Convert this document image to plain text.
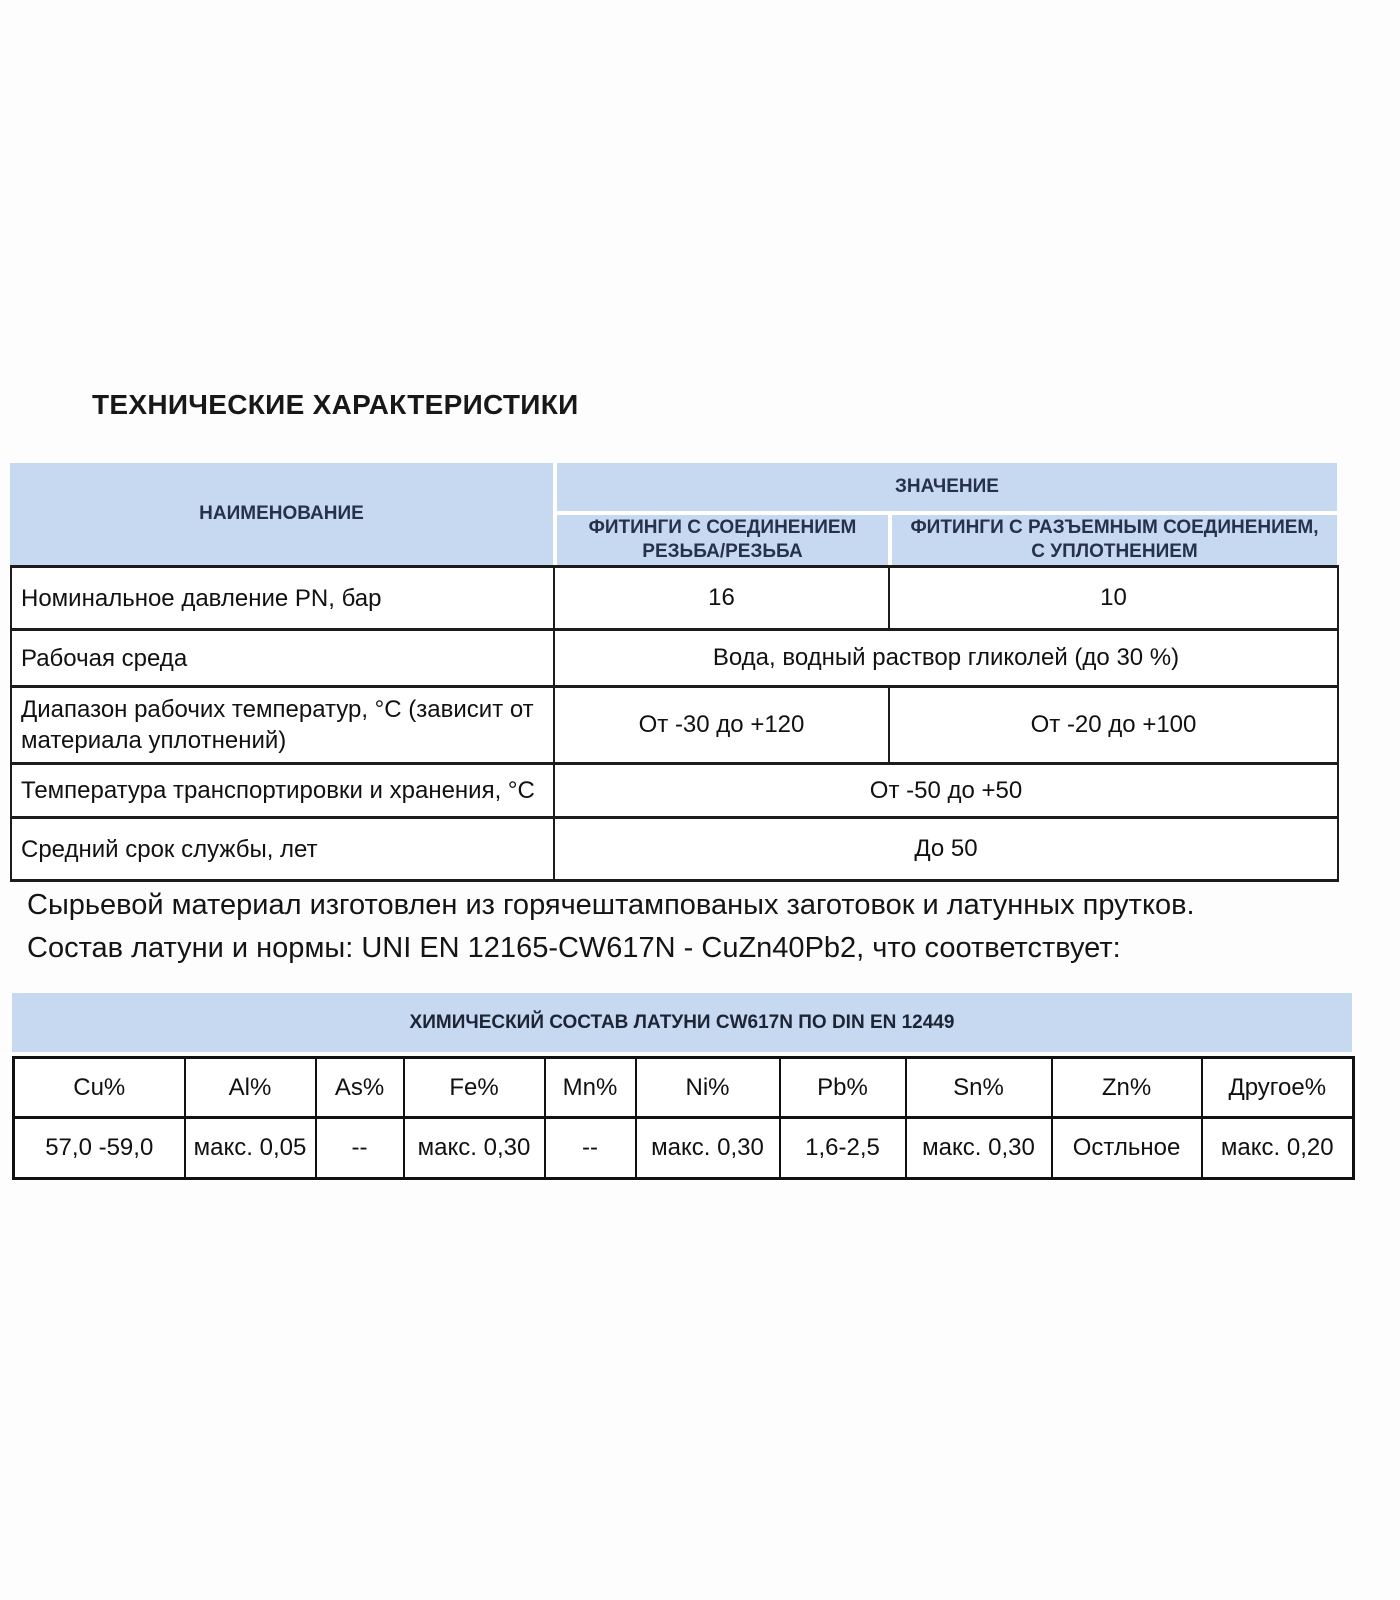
ТЕХНИЧЕСКИЕ ХАРАКТЕРИСТИКИ
НАИМЕНОВАНИЕ
ЗНАЧЕНИЕ
ФИТИНГИ С СОЕДИНЕНИЕМ РЕЗЬБА/РЕЗЬБА
ФИТИНГИ С РАЗЪЕМНЫМ СОЕДИНЕНИЕМ, С УПЛОТНЕНИЕМ
Номинальное давление PN, бар	16	10
Рабочая среда	Вода, водный раствор гликолей (до 30 %)	
Диапазон рабочих температур, °С (зависит от материала уплотнений)	От -30 до +120	От -20 до +100
Температура транспортировки и хранения, °С	От -50 до +50	
Средний срок службы, лет	До 50	
Сырьевой материал изготовлен из горячештампованых заготовок и латунных прутков.
Состав латуни и нормы: UNI EN 12165-CW617N - CuZn40Pb2, что соответствует:
ХИМИЧЕСКИЙ СОСТАВ ЛАТУНИ CW617N ПО DIN EN 12449
Cu%	Al%	As%	Fe%	Mn%	Ni%	Pb%	Sn%	Zn%	Другое%
57,0 -59,0	макс. 0,05	--	макс. 0,30	--	макс. 0,30	1,6-2,5	макс. 0,30	Остльное	макс. 0,20
